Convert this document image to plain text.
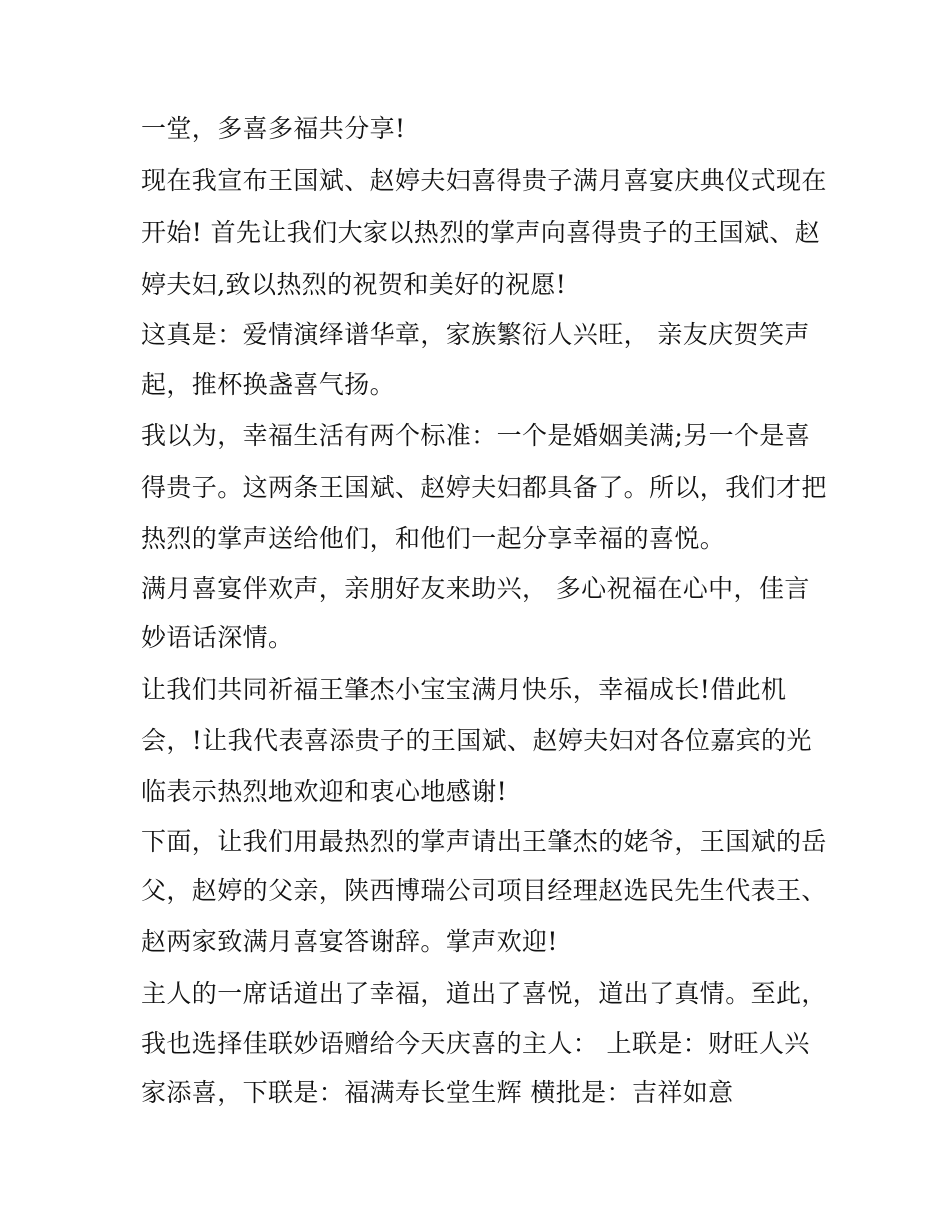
一堂，多喜多福共分享!
现在我宣布王国斌、赵婷夫妇喜得贵子满月喜宴庆典仪式现在
开始! 首先让我们大家以热烈的掌声向喜得贵子的王国斌、赵
婷夫妇,致以热烈的祝贺和美好的祝愿!
这真是：爱情演绎谱华章，家族繁衍人兴旺， 亲友庆贺笑声
起，推杯换盏喜气扬。
我以为，幸福生活有两个标准：一个是婚姻美满;另一个是喜
得贵子。这两条王国斌、赵婷夫妇都具备了。所以，我们才把
热烈的掌声送给他们，和他们一起分享幸福的喜悦。
满月喜宴伴欢声，亲朋好友来助兴， 多心祝福在心中，佳言
妙语话深情。
让我们共同祈福王肇杰小宝宝满月快乐，幸福成长!借此机
会，!让我代表喜添贵子的王国斌、赵婷夫妇对各位嘉宾的光
临表示热烈地欢迎和衷心地感谢!
下面，让我们用最热烈的掌声请出王肇杰的姥爷，王国斌的岳
父，赵婷的父亲，陕西博瑞公司项目经理赵选民先生代表王、
赵两家致满月喜宴答谢辞。掌声欢迎!
主人的一席话道出了幸福，道出了喜悦，道出了真情。至此，
我也选择佳联妙语赠给今天庆喜的主人： 上联是：财旺人兴
家添喜，下联是：福满寿长堂生辉 横批是：吉祥如意
